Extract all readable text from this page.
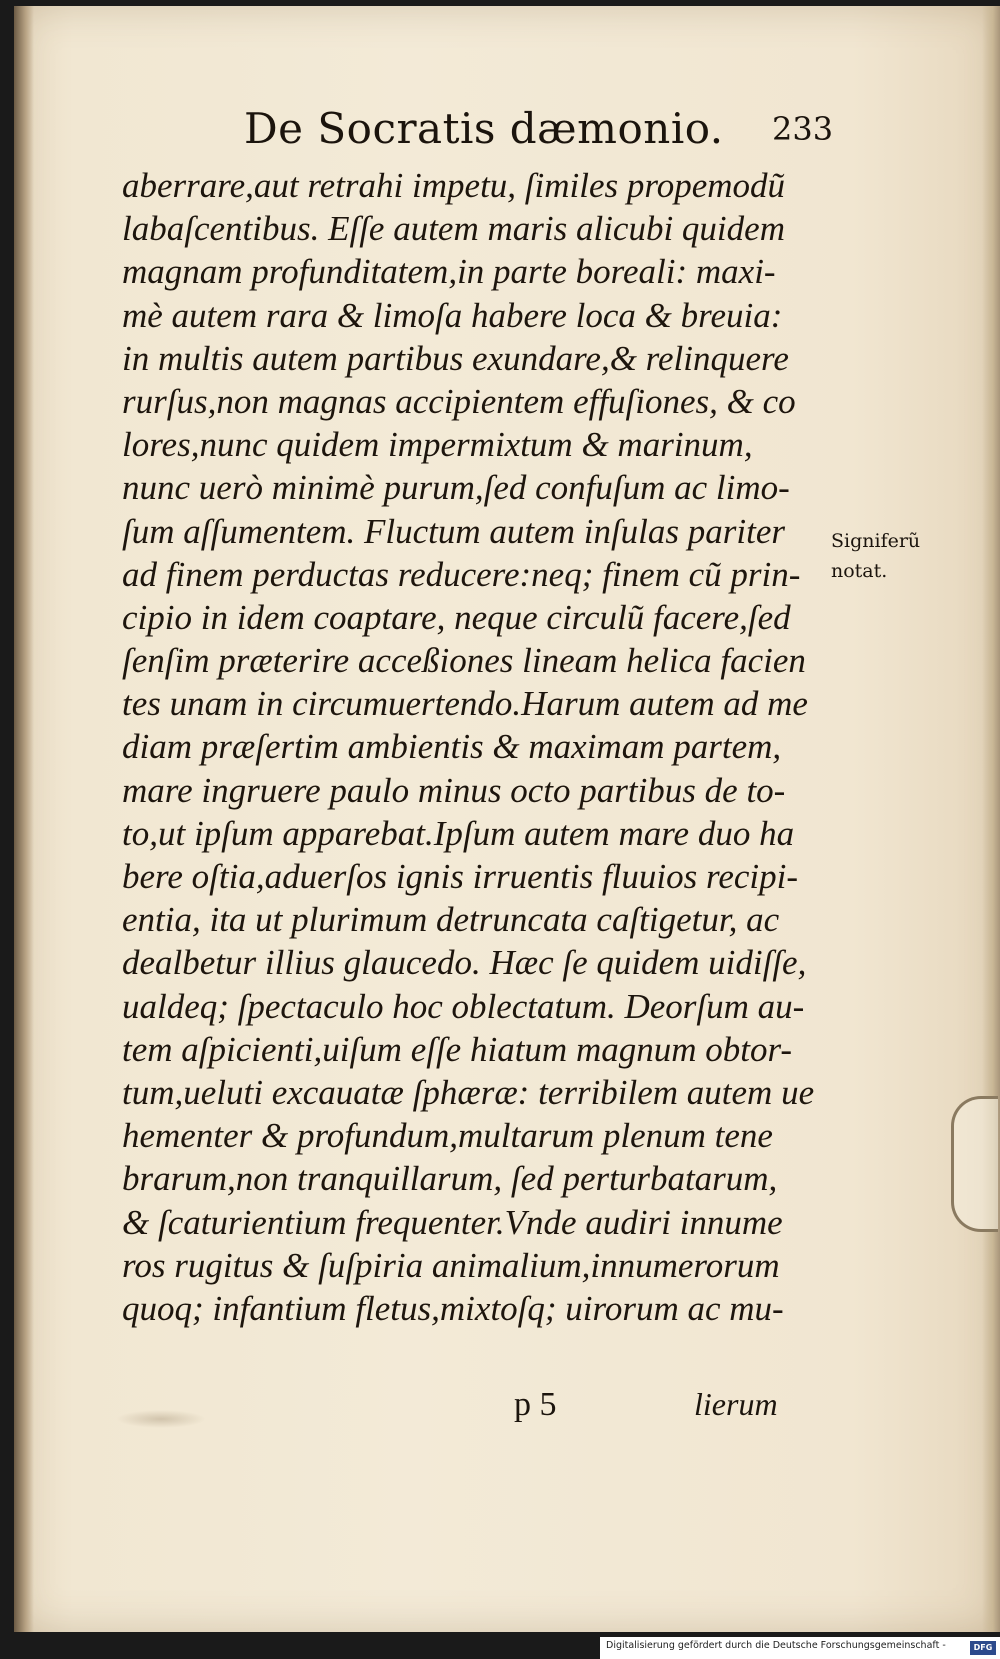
De Socratis dæmonio. 233
aberrare,aut retrahi impetu, ſimiles propemodũ
labaſcentibus. Eſſe autem maris alicubi quidem
magnam profunditatem,in parte boreali: maxi-
mè autem rara & limoſa habere loca & breuia:
in multis autem partibus exundare,& relinquere
rurſus,non magnas accipientem effuſiones, & co
lores,nunc quidem impermixtum & marinum,
nunc uerò minimè purum,ſed confuſum ac limo-
ſum aſſumentem. Fluctum autem inſulas pariter
ad finem perductas reducere:neq; finem cũ prin-
cipio in idem coaptare, neque circulũ facere,ſed
ſenſim præterire acceßiones lineam helica facien
tes unam in circumuertendo.Harum autem ad me
diam præſertim ambientis & maximam partem,
mare ingruere paulo minus octo partibus de to-
to,ut ipſum apparebat.Ipſum autem mare duo ha
bere oſtia,aduerſos ignis irruentis fluuios recipi-
entia, ita ut plurimum detruncata caſtigetur, ac
dealbetur illius glaucedo. Hæc ſe quidem uidiſſe,
ualdeq; ſpectaculo hoc oblectatum. Deorſum au-
tem aſpicienti,uiſum eſſe hiatum magnum obtor-
tum,ueluti excauatæ ſphæræ: terribilem autem ue
hementer & profundum,multarum plenum tene
brarum,non tranquillarum, ſed perturbatarum,
& ſcaturientium frequenter.Vnde audiri innume
ros rugitus & ſuſpiria animalium,innumerorum
quoq; infantium fletus,mixtoſq; uirorum ac mu-
Signiferũ
notat.
p 5	lierum
Digitalisierung gefördert durch die Deutsche Forschungsgemeinschaft -	DFG
